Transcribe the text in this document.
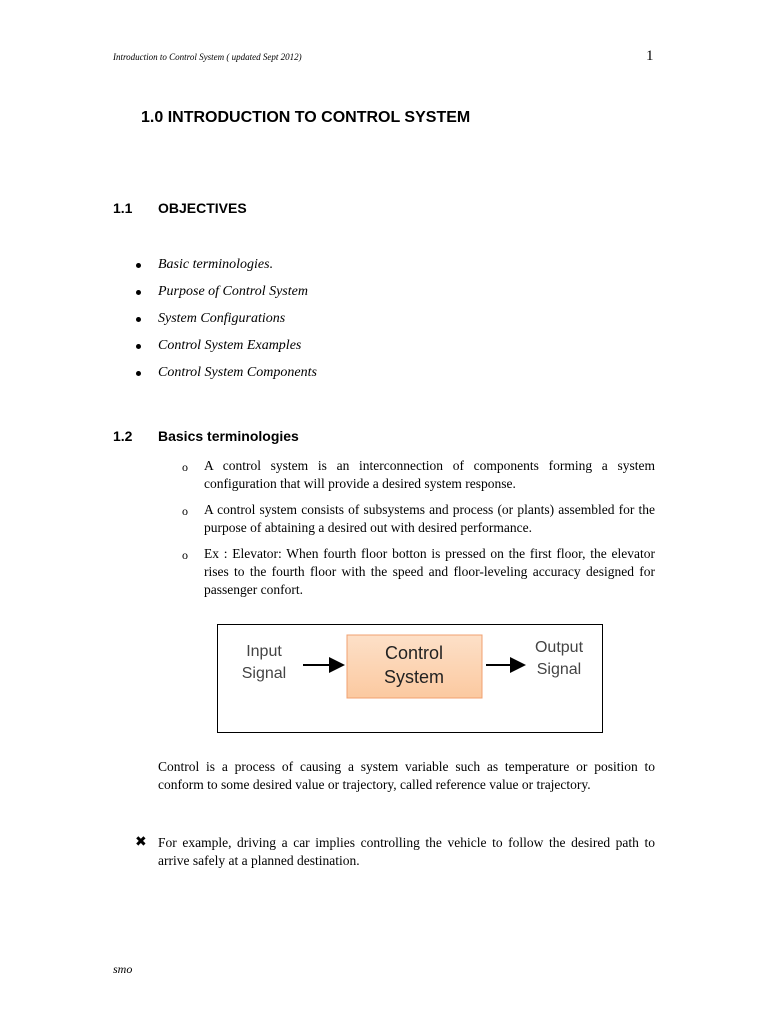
Introduction to Control System ( updated Sept 2012)	1
1.0 INTRODUCTION TO CONTROL SYSTEM
1.1 OBJECTIVES
Basic terminologies.
Purpose of Control System
System Configurations
Control System Examples
Control System Components
1.2 Basics terminologies
o A control system is an interconnection of components forming a system configuration that will provide a desired system response.
o A control system consists of subsystems and process (or plants) assembled for the purpose of abtaining a desired out with desired performance.
o Ex : Elevator: When fourth floor botton is pressed on the first floor, the elevator rises to the fourth floor with the speed and floor-leveling accuracy designed for passenger confort.
Input
Signal
Control
System
Output
Signal
Control is a process of causing a system variable such as temperature or position to conform to some desired value or trajectory, called reference value or trajectory.
✖ For example, driving a car implies controlling the vehicle to follow the desired path to arrive safely at a planned destination.
smo
